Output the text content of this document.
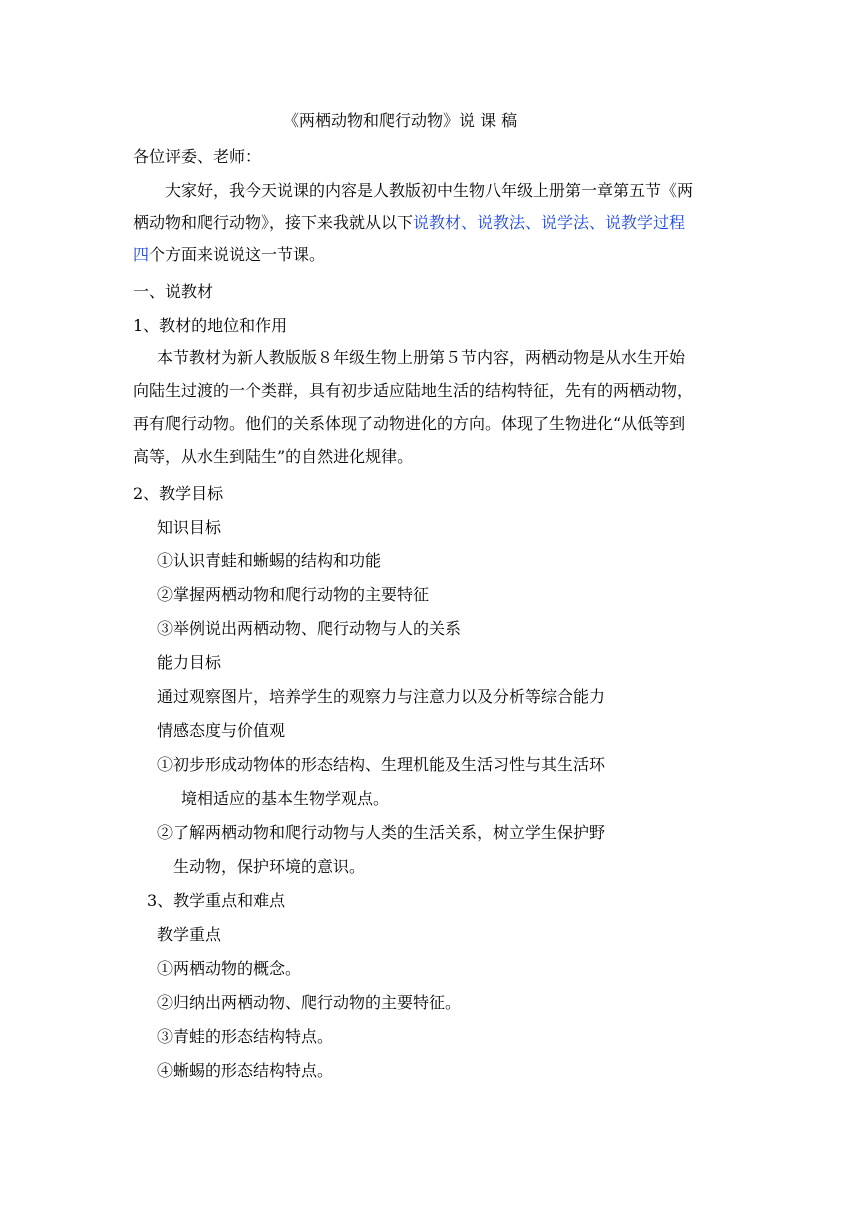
《两栖动物和爬行动物》说 课 稿
各位评委、老师：
大家好，我今天说课的内容是人教版初中生物八年级上册第一章第五节《两
栖动物和爬行动物》，接下来我就从以下说教材、说教法、说学法、说教学过程
四个方面来说说这一节课。
一、说教材
1、教材的地位和作用
本节教材为新人教版版８年级生物上册第５节内容，两栖动物是从水生开始
向陆生过渡的一个类群，具有初步适应陆地生活的结构特征，先有的两栖动物，
再有爬行动物。他们的关系体现了动物进化的方向。体现了生物进化“从低等到
高等，从水生到陆生”的自然进化规律。
2、教学目标
知识目标
①认识青蛙和蜥蜴的结构和功能
②掌握两栖动物和爬行动物的主要特征
③举例说出两栖动物、爬行动物与人的关系
能力目标
通过观察图片，培养学生的观察力与注意力以及分析等综合能力
情感态度与价值观
①初步形成动物体的形态结构、生理机能及生活习性与其生活环
境相适应的基本生物学观点。
②了解两栖动物和爬行动物与人类的生活关系，树立学生保护野
生动物，保护环境的意识。
3、教学重点和难点
教学重点
①两栖动物的概念。
②归纳出两栖动物、爬行动物的主要特征。
③青蛙的形态结构特点。
④蜥蜴的形态结构特点。
